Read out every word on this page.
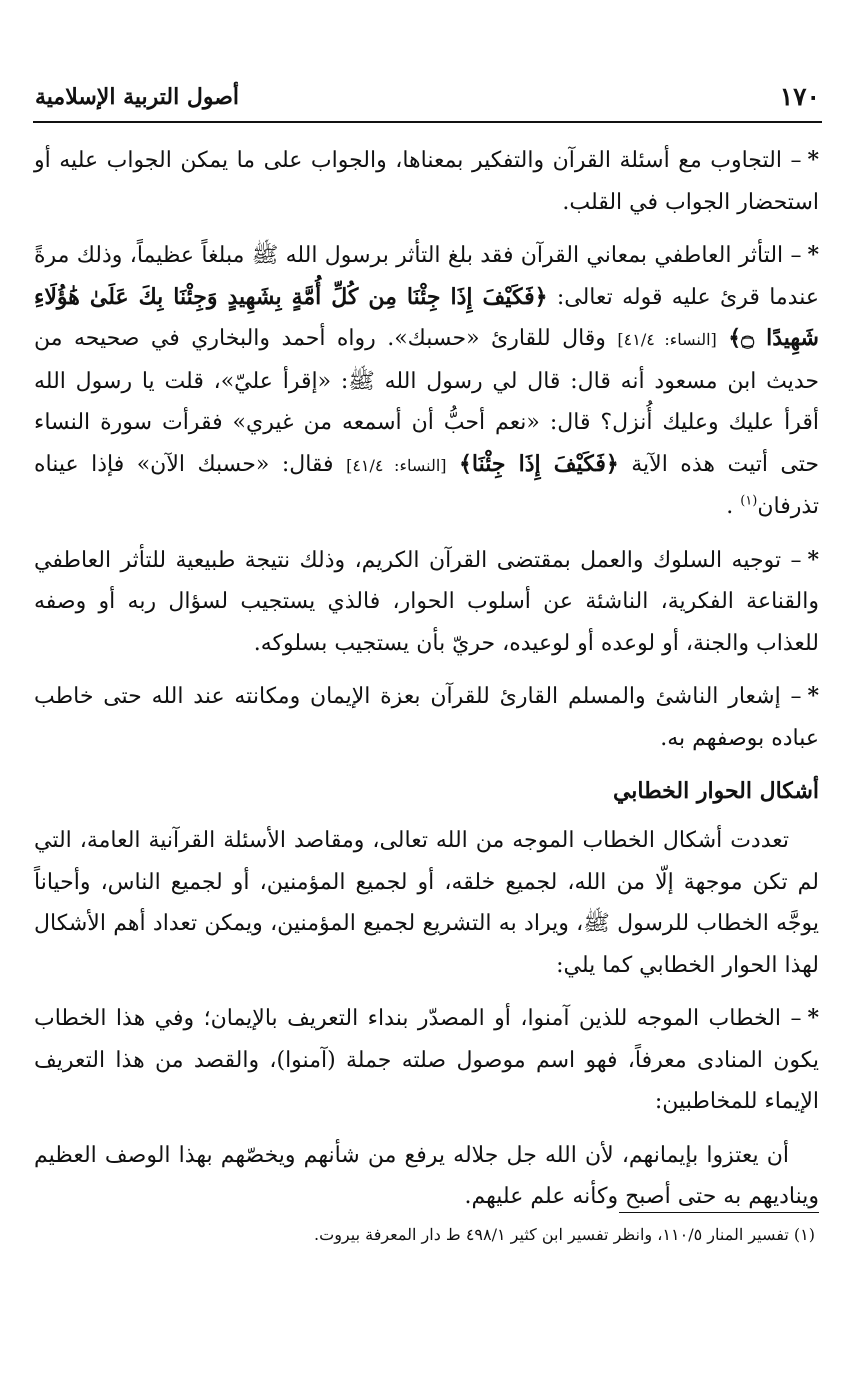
١٧٠
أصول التربية الإسلامية

*– التجاوب مع أسئلة القرآن والتفكير بمعناها، والجواب على ما يمكن الجواب عليه أو استحضار الجواب في القلب.

*– التأثر العاطفي بمعاني القرآن فقد بلغ التأثر برسول الله ﷺ مبلغاً عظيماً، وذلك مرةً عندما قرئ عليه قوله تعالى: ﴿فَكَيْفَ إِذَا جِئْنَا مِن كُلِّ أُمَّةٍ بِشَهِيدٍ وَجِئْنَا بِكَ عَلَىٰ هَٰؤُلَاءِ شَهِيدًا ۝﴾ [النساء: ٤١/٤] وقال للقارئ «حسبك». رواه أحمد والبخاري في صحيحه من حديث ابن مسعود أنه قال: قال لي رسول الله ﷺ: «إقرأ عليّ»، قلت يا رسول الله أقرأ عليك وعليك أُنزل؟ قال: «نعم أحبُّ أن أسمعه من غيري» فقرأت سورة النساء حتى أتيت هذه الآية ﴿فَكَيْفَ إِذَا جِئْنَا﴾ [النساء: ٤١/٤] فقال: «حسبك الآن» فإذا عيناه تذرفان$^{(١)}$ .

*– توجيه السلوك والعمل بمقتضى القرآن الكريم، وذلك نتيجة طبيعية للتأثر العاطفي والقناعة الفكرية، الناشئة عن أسلوب الحوار، فالذي يستجيب لسؤال ربه أو وصفه للعذاب والجنة، أو لوعده أو لوعيده، حريّ بأن يستجيب بسلوكه.

*– إشعار الناشئ والمسلم القارئ للقرآن بعزة الإيمان ومكانته عند الله حتى خاطب عباده بوصفهم به.

أشكال الحوار الخطابي

تعددت أشكال الخطاب الموجه من الله تعالى، ومقاصد الأسئلة القرآنية العامة، التي لم تكن موجهة إلّا من الله، لجميع خلقه، أو لجميع المؤمنين، أو لجميع الناس، وأحياناً يوجَّه الخطاب للرسول ﷺ، ويراد به التشريع لجميع المؤمنين، ويمكن تعداد أهم الأشكال لهذا الحوار الخطابي كما يلي:

*– الخطاب الموجه للذين آمنوا، أو المصدّر بنداء التعريف بالإيمان؛ وفي هذا الخطاب يكون المنادى معرفاً، فهو اسم موصول صلته جملة (آمنوا)، والقصد من هذا التعريف الإيماء للمخاطبين:

أن يعتزوا بإيمانهم، لأن الله جل جلاله يرفع من شأنهم ويخصّهم بهذا الوصف العظيم ويناديهم به حتى أصبح وكأنه علم عليهم.

(١) تفسير المنار ١١٠/٥، وانظر تفسير ابن كثير ٤٩٨/١ ط دار المعرفة بيروت.
